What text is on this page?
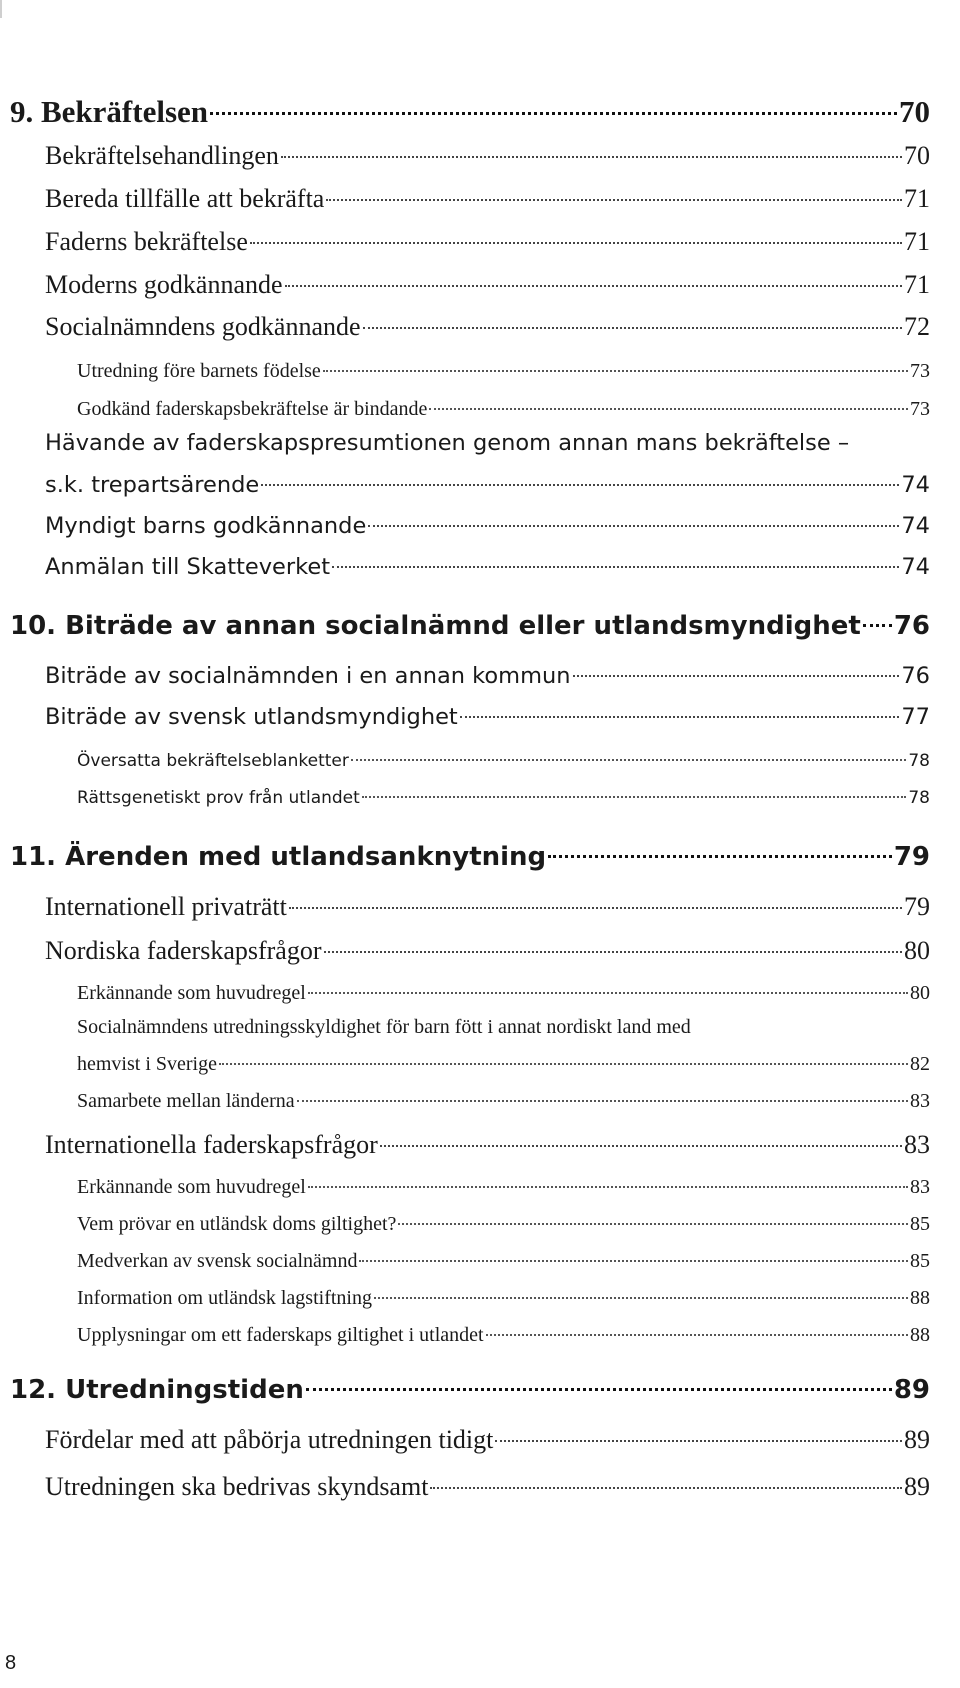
9. Bekräftelsen	70
Bekräftelsehandlingen	70
Bereda tillfälle att bekräfta	71
Faderns bekräftelse	71
Moderns godkännande	71
Socialnämndens godkännande	72
Utredning före barnets födelse	73
Godkänd faderskapsbekräftelse är bindande	73
Hävande av faderskapspresumtionen genom annan mans bekräftelse –
s.k. trepartsärende	74
Myndigt barns godkännande	74
Anmälan till Skatteverket	74
10. Biträde av annan socialnämnd eller utlandsmyndighet 76
Biträde av socialnämnden i en annan kommun	76
Biträde av svensk utlandsmyndighet	77
Översatta bekräftelseblanketter	78
Rättsgenetiskt prov från utlandet	78
11. Ärenden med utlandsanknytning	79
Internationell privaträtt	79
Nordiska faderskapsfrågor	80
Erkännande som huvudregel	80
Socialnämndens utredningsskyldighet för barn fött i annat nordiskt land med
hemvist i Sverige	82
Samarbete mellan länderna	83
Internationella faderskapsfrågor	83
Erkännande som huvudregel	83
Vem prövar en utländsk doms giltighet?	85
Medverkan av svensk socialnämnd	85
Information om utländsk lagstiftning	88
Upplysningar om ett faderskaps giltighet i utlandet	88
12. Utredningstiden	89
Fördelar med att påbörja utredningen tidigt	89
Utredningen ska bedrivas skyndsamt	89
8
